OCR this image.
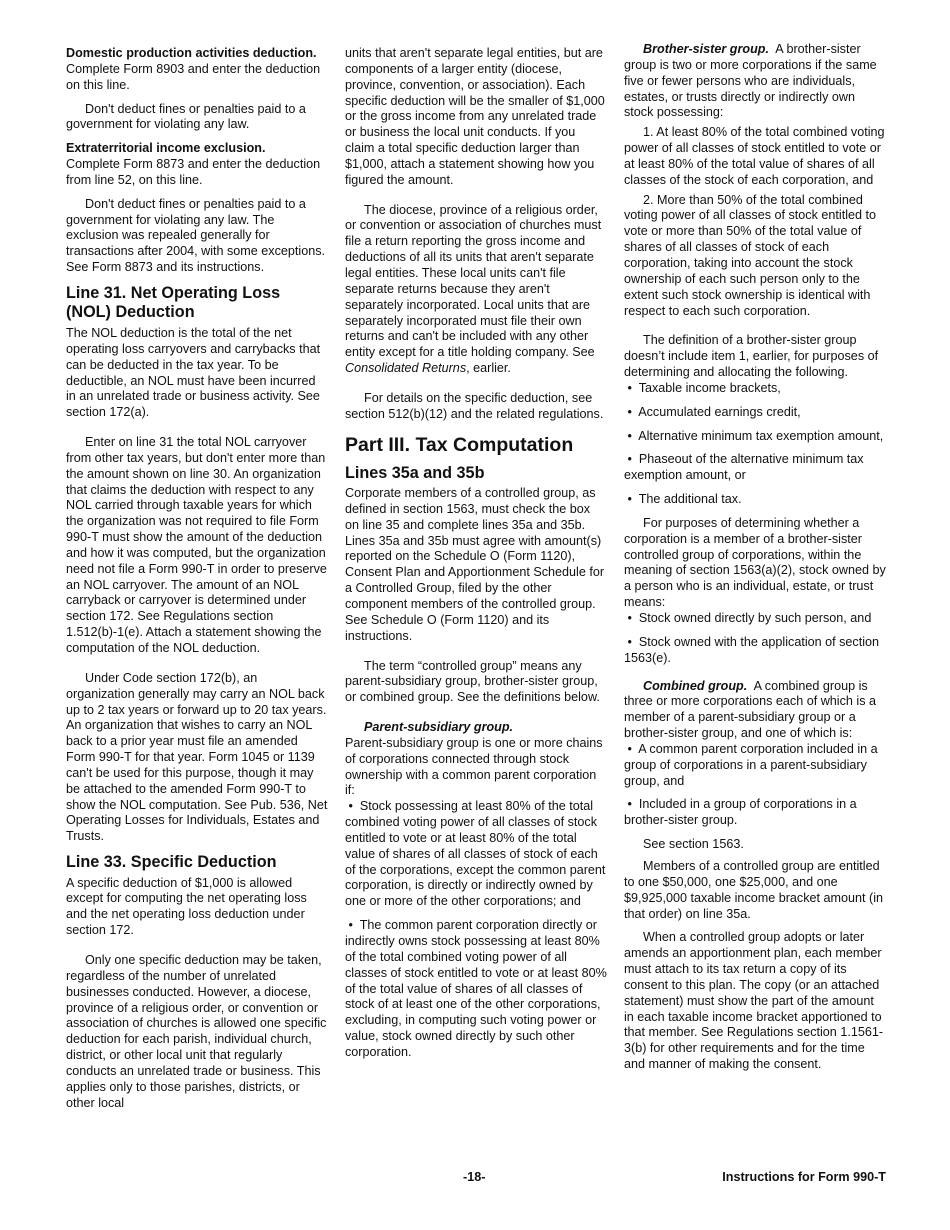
Domestic production activities deduction.  Complete Form 8903 and enter the deduction on this line.

Don't deduct fines or penalties paid to a government for violating any law.

Extraterritorial income exclusion.
Complete Form 8873 and enter the deduction from line 52, on this line.

Don't deduct fines or penalties paid to a government for violating any law. The exclusion was repealed generally for transactions after 2004, with some exceptions. See Form 8873 and its instructions.

Line 31. Net Operating Loss (NOL) Deduction

The NOL deduction is the total of the net operating loss carryovers and carrybacks that can be deducted in the tax year. To be deductible, an NOL must have been incurred in an unrelated trade or business activity. See section 172(a).

Enter on line 31 the total NOL carryover from other tax years, but don't enter more than the amount shown on line 30. An organization that claims the deduction with respect to any NOL carried through taxable years for which the organization was not required to file Form 990-T must show the amount of the deduction and how it was computed, but the organization need not file a Form 990-T in order to preserve an NOL carryover. The amount of an NOL carryback or carryover is determined under section 172. See Regulations section 1.512(b)-1(e). Attach a statement showing the computation of the NOL deduction.

Under Code section 172(b), an organization generally may carry an NOL back up to 2 tax years or forward up to 20 tax years. An organization that wishes to carry an NOL back to a prior year must file an amended Form 990-T for that year. Form 1045 or 1139 can't be used for this purpose, though it may be attached to the amended Form 990-T to show the NOL computation. See Pub. 536, Net Operating Losses for Individuals, Estates and Trusts.

Line 33. Specific Deduction

A specific deduction of $1,000 is allowed except for computing the net operating loss and the net operating loss deduction under section 172.

Only one specific deduction may be taken, regardless of the number of unrelated businesses conducted. However, a diocese, province of a religious order, or convention or association of churches is allowed one specific deduction for each parish, individual church, district, or other local unit that regularly conducts an unrelated trade or business. This applies only to those parishes, districts, or other local

units that aren't separate legal entities, but are components of a larger entity (diocese, province, convention, or association). Each specific deduction will be the smaller of $1,000 or the gross income from any unrelated trade or business the local unit conducts. If you claim a total specific deduction larger than $1,000, attach a statement showing how you figured the amount.

The diocese, province of a religious order, or convention or association of churches must file a return reporting the gross income and deductions of all its units that aren't separate legal entities. These local units can't file separate returns because they aren't separately incorporated. Local units that are separately incorporated must file their own returns and can't be included with any other entity except for a title holding company. See Consolidated Returns, earlier.

For details on the specific deduction, see section 512(b)(12) and the related regulations.

Part III. Tax Computation
Lines 35a and 35b

Corporate members of a controlled group, as defined in section 1563, must check the box on line 35 and complete lines 35a and 35b. Lines 35a and 35b must agree with amount(s) reported on the Schedule O (Form 1120), Consent Plan and Apportionment Schedule for a Controlled Group, filed by the other component members of the controlled group. See Schedule O (Form 1120) and its instructions.

The term “controlled group” means any parent-subsidiary group, brother-sister group, or combined group. See the definitions below.

Parent-subsidiary group.
Parent-subsidiary group is one or more chains of corporations connected through stock ownership with a common parent corporation if:

•  Stock possessing at least 80% of the total combined voting power of all classes of stock entitled to vote or at least 80% of the total value of shares of all classes of stock of each of the corporations, except the common parent corporation, is directly or indirectly owned by one or more of the other corporations; and

•  The common parent corporation directly or indirectly owns stock possessing at least 80% of the total combined voting power of all classes of stock entitled to vote or at least 80% of the total value of shares of all classes of stock of at least one of the other corporations, excluding, in computing such voting power or value, stock owned directly by such other corporation.

Brother-sister group. A brother-sister group is two or more corporations if the same five or fewer persons who are individuals, estates, or trusts directly or indirectly own stock possessing:

1. At least 80% of the total combined voting power of all classes of stock entitled to vote or at least 80% of the total value of shares of all classes of the stock of each corporation, and

2. More than 50% of the total combined voting power of all classes of stock entitled to vote or more than 50% of the total value of shares of all classes of stock of each corporation, taking into account the stock ownership of each such person only to the extent such stock ownership is identical with respect to each such corporation.

The definition of a brother-sister group doesn’t include item 1, earlier, for purposes of determining and allocating the following.

•  Taxable income brackets,

•  Accumulated earnings credit,

•  Alternative minimum tax exemption amount,

•  Phaseout of the alternative minimum tax exemption amount, or

•  The additional tax.

For purposes of determining whether a corporation is a member of a brother-sister controlled group of corporations, within the meaning of section 1563(a)(2), stock owned by a person who is an individual, estate, or trust means:

•  Stock owned directly by such person, and

•  Stock owned with the application of section 1563(e).

Combined group. A combined group is three or more corporations each of which is a member of a parent-subsidiary group or a brother-sister group, and one of which is:

•  A common parent corporation included in a group of corporations in a parent-subsidiary group, and

•  Included in a group of corporations in a brother-sister group.

See section 1563.

Members of a controlled group are entitled to one $50,000, one $25,000, and one $9,925,000 taxable income bracket amount (in that order) on line 35a.

When a controlled group adopts or later amends an apportionment plan, each member must attach to its tax return a copy of its consent to this plan. The copy (or an attached statement) must show the part of the amount in each taxable income bracket apportioned to that member. See Regulations section 1.1561-3(b) for other requirements and for the time and manner of making the consent.

-18-	Instructions for Form 990-T
